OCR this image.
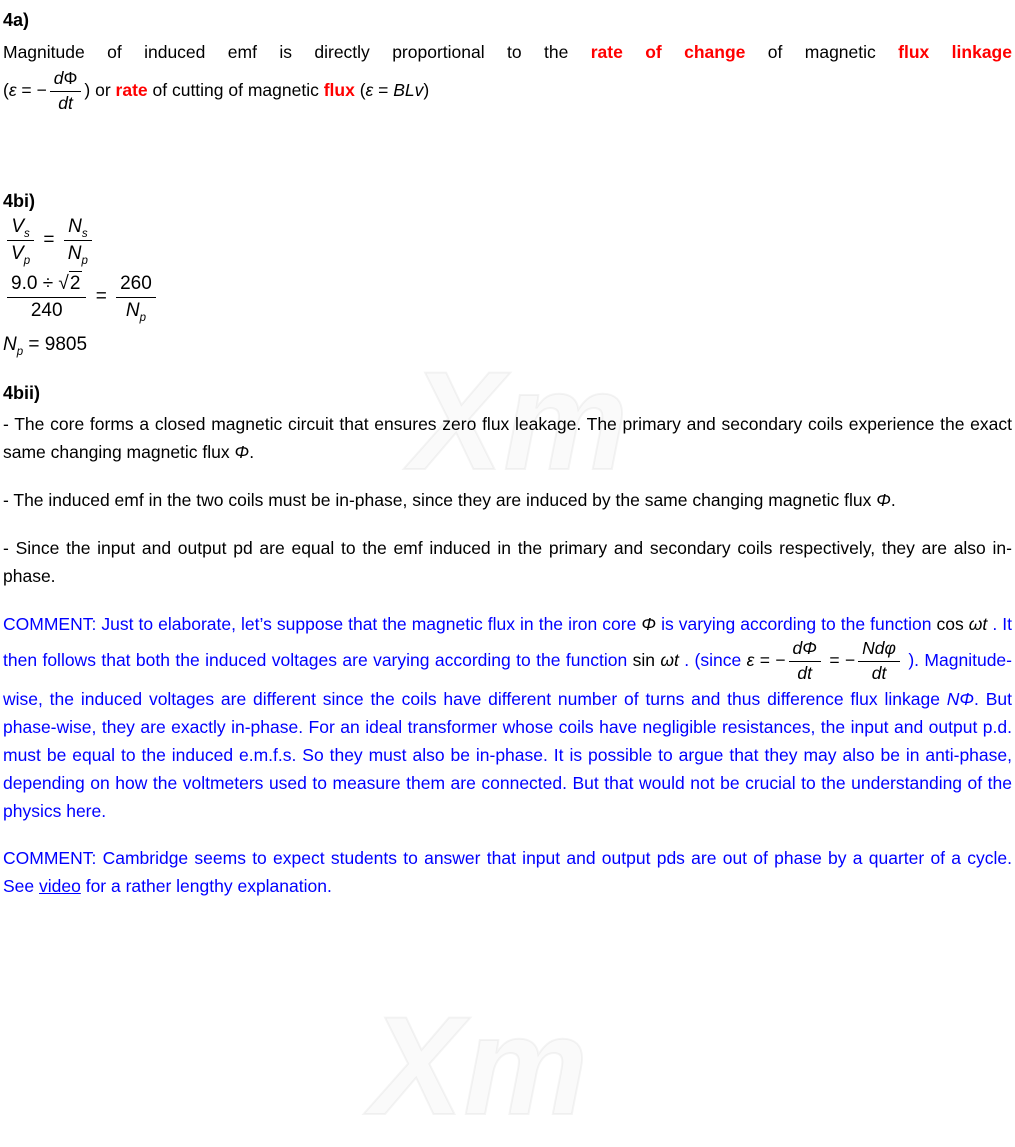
Xm
Xm
4a)

Magnitude of induced emf is directly proportional to the rate of change of magnetic flux linkage

(ε = − $\frac{d\Phi}{dt}$ ) or rate of cutting of magnetic flux (ε = BLv)

4bi)
$\frac{V_s}{V_p} = \frac{N_s}{N_p}$
$\frac{9.0 \div √2}{240} = \frac{260}{N_p}$
$N_p = 9805$
4bii)

- The core forms a closed magnetic circuit that ensures zero flux leakage. The primary and secondary coils experience the exact same changing magnetic flux Φ.

- The induced emf in the two coils must be in-phase, since they are induced by the same changing magnetic flux Φ.

- Since the input and output pd are equal to the emf induced in the primary and secondary coils respectively, they are also in-phase.

COMMENT: Just to elaborate, let’s suppose that the magnetic flux in the iron core Φ is varying according to the function cos ωt . It then follows that both the induced voltages are varying according to the function sin ωt . (since ε = − $\frac{d\Phi}{dt}$ = − $\frac{\text{Ndφ}}{dt}$ ). Magnitude-wise, the induced voltages are different since the coils have different number of turns and thus difference flux linkage NΦ. But phase-wise, they are exactly in-phase. For an ideal transformer whose coils have negligible resistances, the input and output p.d. must be equal to the induced e.m.f.s. So they must also be in-phase. It is possible to argue that they may also be in anti-phase, depending on how the voltmeters used to measure them are connected. But that would not be crucial to the understanding of the physics here.

COMMENT: Cambridge seems to expect students to answer that input and output pds are out of phase by a quarter of a cycle. See video for a rather lengthy explanation.
